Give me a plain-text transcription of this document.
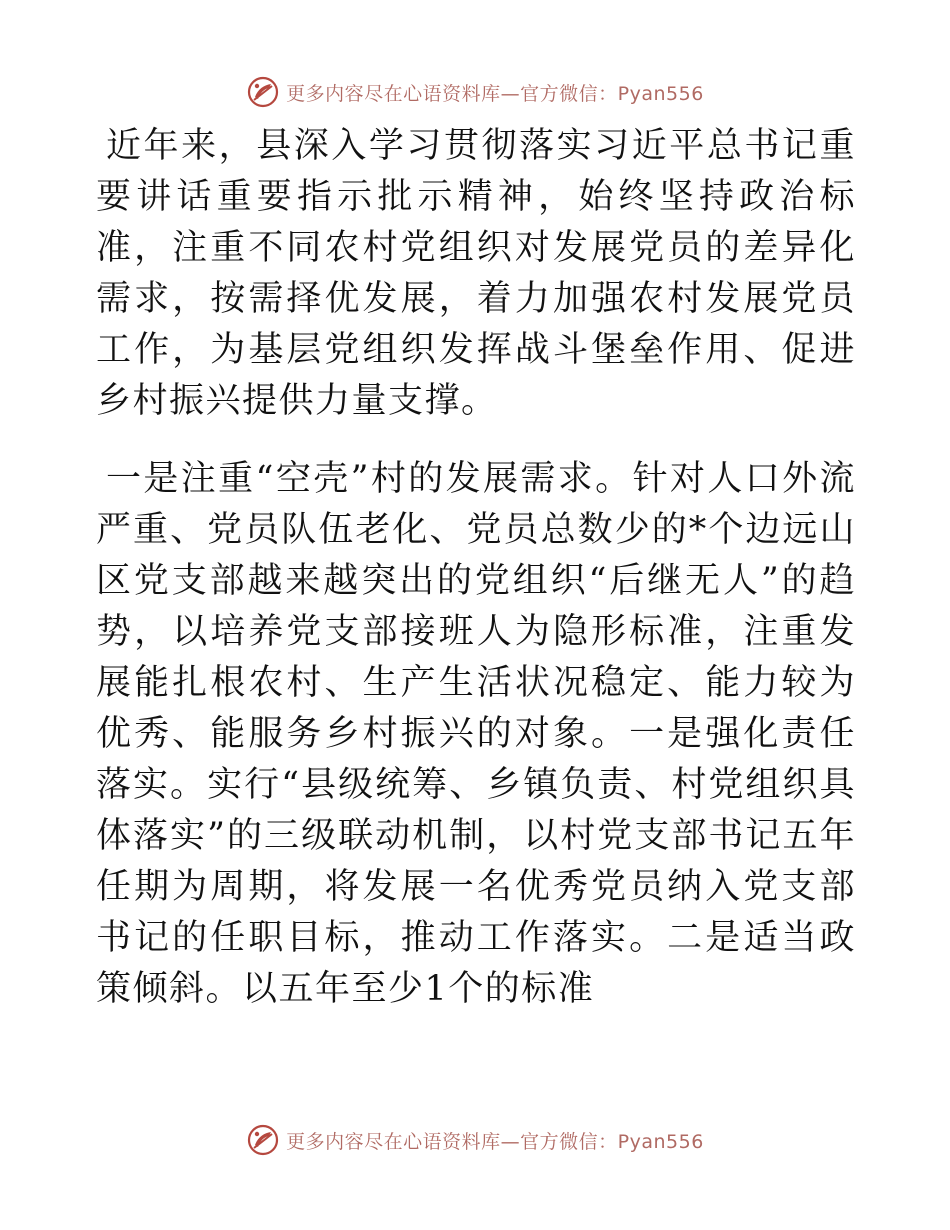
更多内容尽在心语资料库—官方微信：Pyan556

近年来，县深入学习贯彻落实习近平总书记重要讲话重要指示批示精神，始终坚持政治标准，注重不同农村党组织对发展党员的差异化需求，按需择优发展，着力加强农村发展党员工作，为基层党组织发挥战斗堡垒作用、促进乡村振兴提供力量支撑。

一是注重“空壳”村的发展需求。针对人口外流严重、党员队伍老化、党员总数少的*个边远山区党支部越来越突出的党组织“后继无人”的趋势，以培养党支部接班人为隐形标准，注重发展能扎根农村、生产生活状况稳定、能力较为优秀、能服务乡村振兴的对象。一是强化责任落实。实行“县级统筹、乡镇负责、村党组织具体落实”的三级联动机制，以村党支部书记五年任期为周期，将发展一名优秀党员纳入党支部书记的任职目标，推动工作落实。二是适当政策倾斜。以五年至少1个的标准

更多内容尽在心语资料库—官方微信：Pyan556
